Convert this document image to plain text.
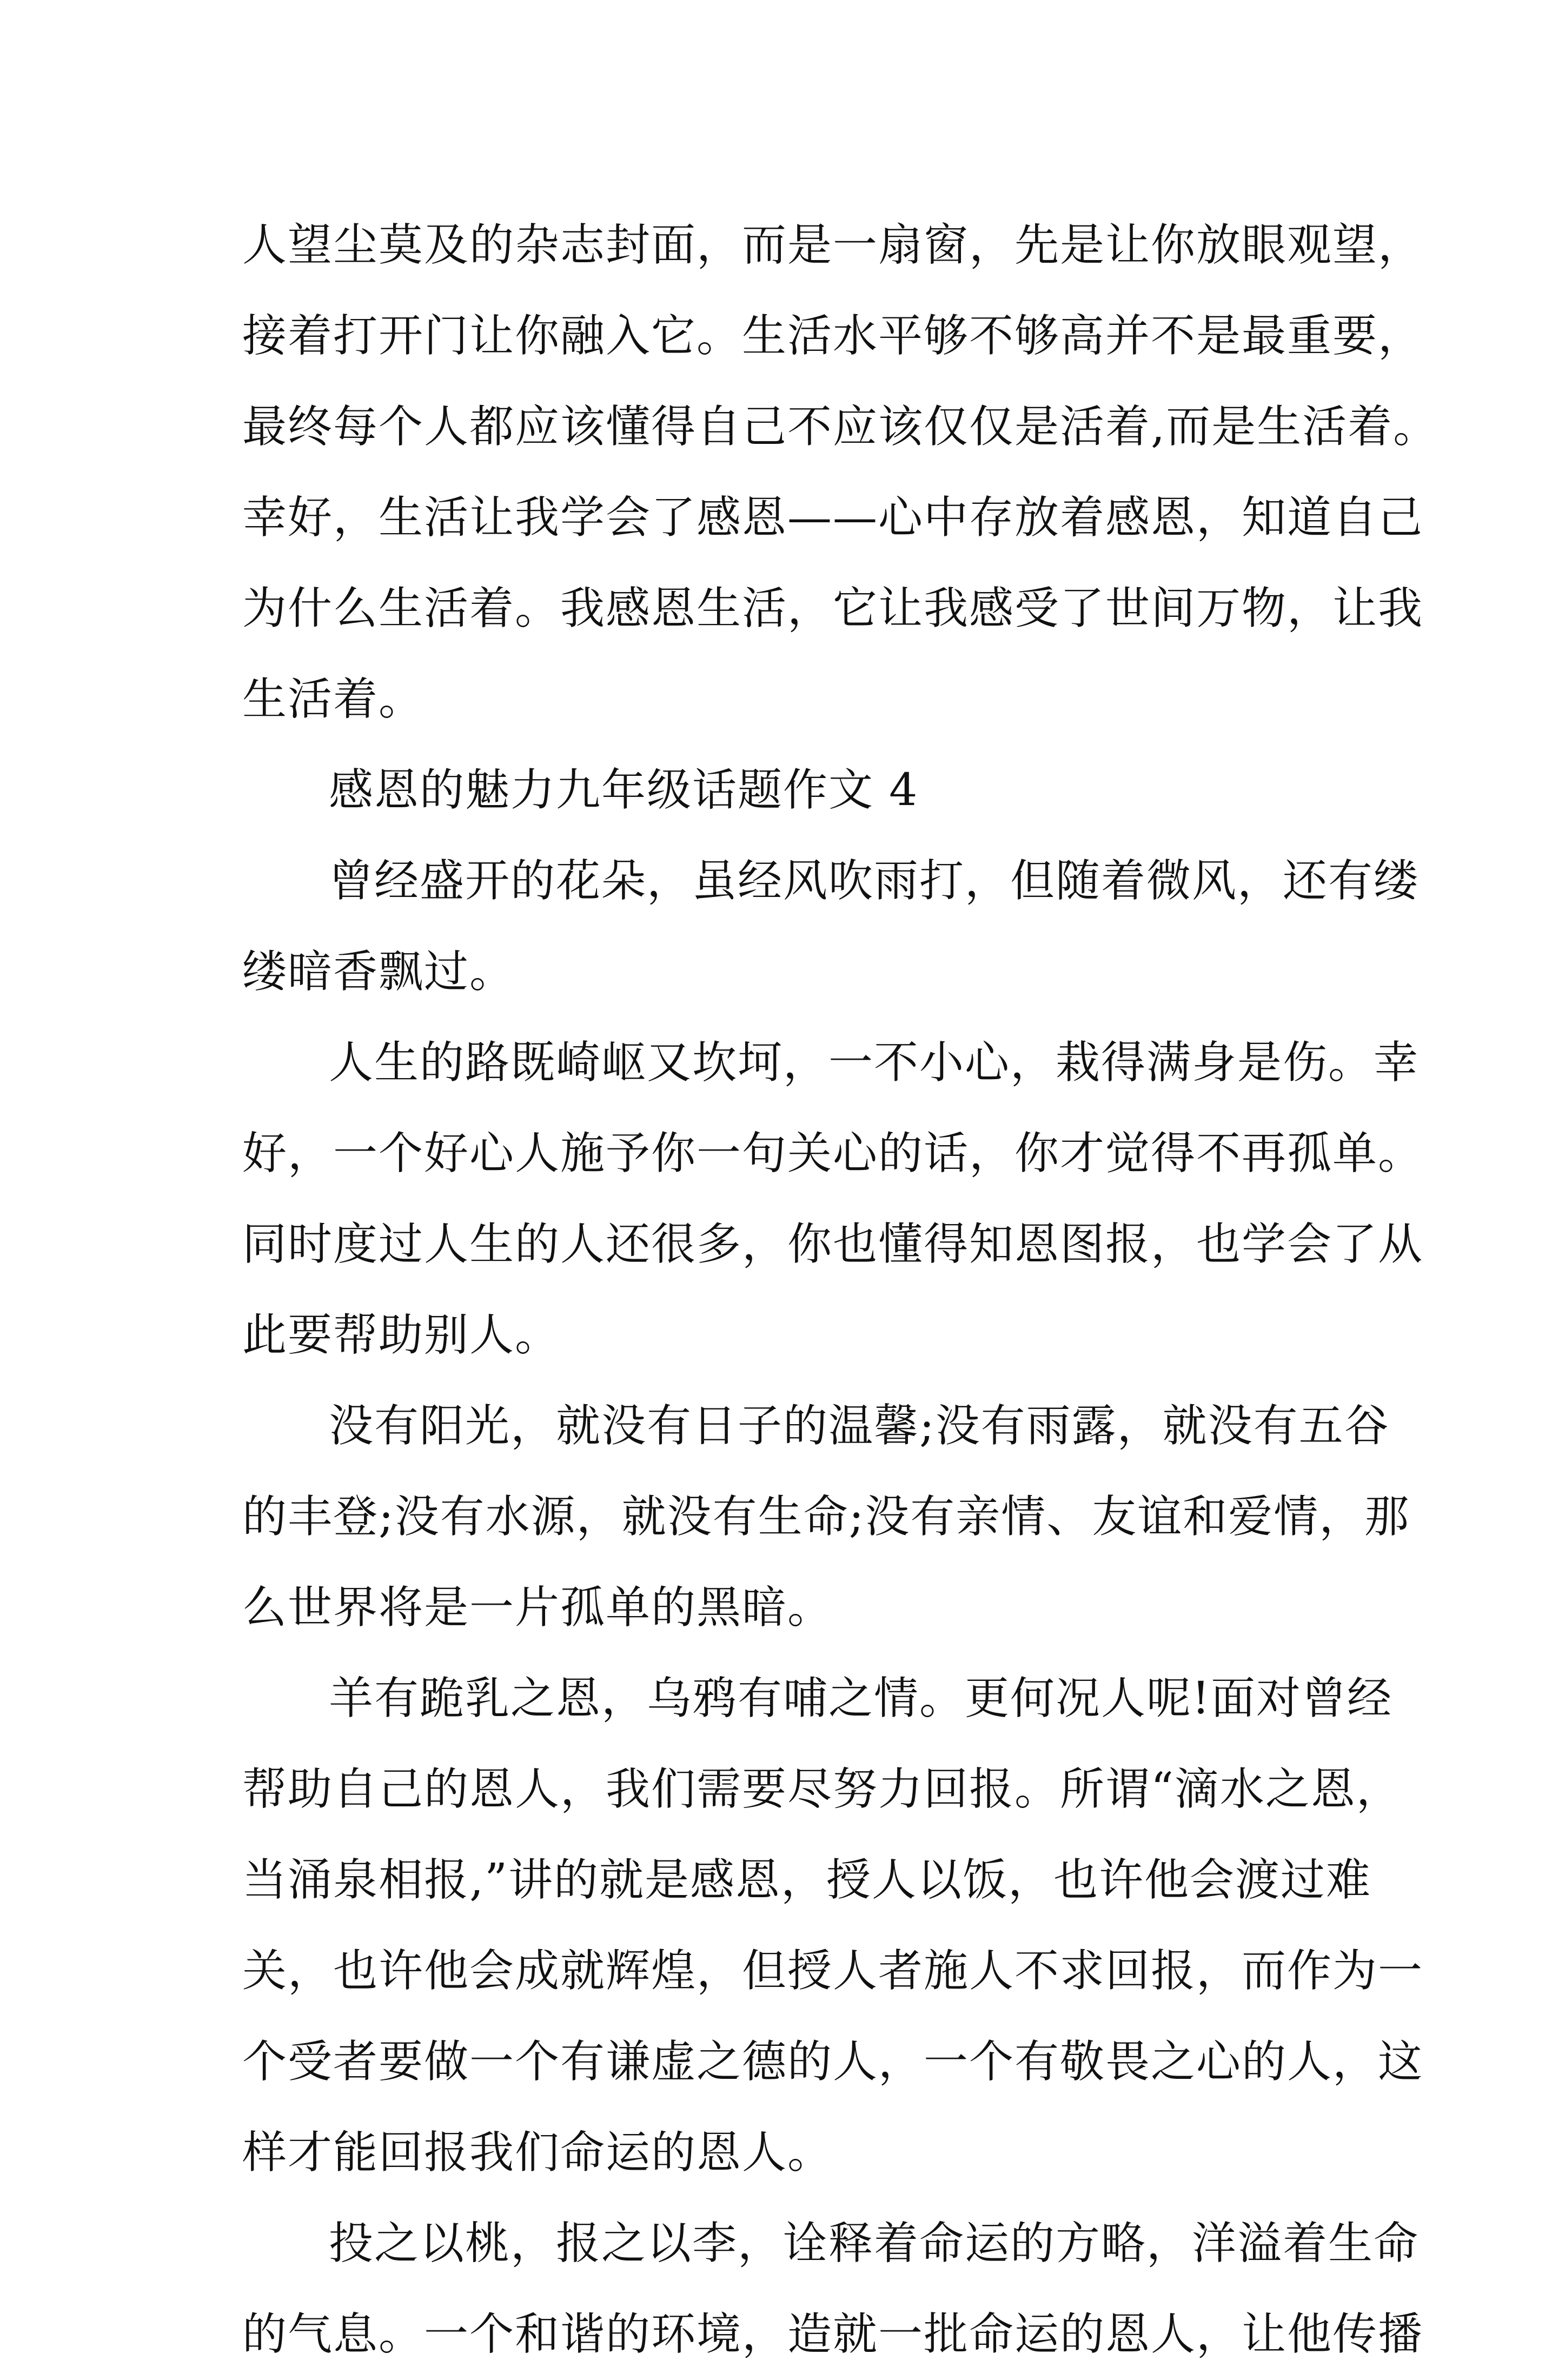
人望尘莫及的杂志封面，而是一扇窗，先是让你放眼观望，
接着打开门让你融入它。生活水平够不够高并不是最重要，
最终每个人都应该懂得自己不应该仅仅是活着,而是生活着。
幸好，生活让我学会了感恩——心中存放着感恩，知道自己
为什么生活着。我感恩生活，它让我感受了世间万物，让我
生活着。
感恩的魅力九年级话题作文 4
曾经盛开的花朵，虽经风吹雨打，但随着微风，还有缕
缕暗香飘过。
人生的路既崎岖又坎坷，一不小心，栽得满身是伤。幸
好，一个好心人施予你一句关心的话，你才觉得不再孤单。
同时度过人生的人还很多，你也懂得知恩图报，也学会了从
此要帮助别人。
没有阳光，就没有日子的温馨;没有雨露，就没有五谷
的丰登;没有水源，就没有生命;没有亲情、友谊和爱情，那
么世界将是一片孤单的黑暗。
羊有跪乳之恩，乌鸦有哺之情。更何况人呢!面对曾经
帮助自己的恩人，我们需要尽努力回报。所谓“滴水之恩，
当涌泉相报,”讲的就是感恩，授人以饭，也许他会渡过难
关，也许他会成就辉煌，但授人者施人不求回报，而作为一
个受者要做一个有谦虚之德的人，一个有敬畏之心的人，这
样才能回报我们命运的恩人。
投之以桃，报之以李，诠释着命运的方略，洋溢着生命
的气息。一个和谐的环境，造就一批命运的恩人，让他传播
